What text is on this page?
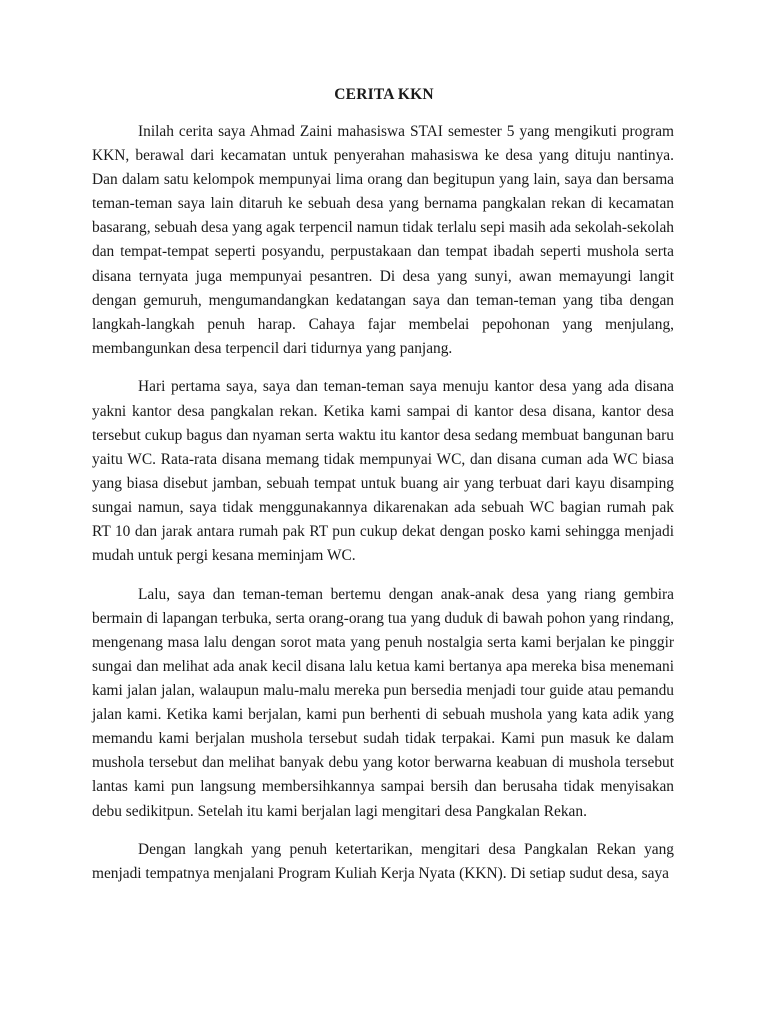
CERITA KKN

Inilah cerita saya Ahmad Zaini mahasiswa STAI semester 5 yang mengikuti program KKN, berawal dari kecamatan untuk penyerahan mahasiswa ke desa yang dituju nantinya. Dan dalam satu kelompok mempunyai lima orang dan begitupun yang lain, saya dan bersama teman-teman saya lain ditaruh ke sebuah desa yang bernama pangkalan rekan di kecamatan basarang, sebuah desa yang agak terpencil namun tidak terlalu sepi masih ada sekolah-sekolah dan tempat-tempat seperti posyandu, perpustakaan dan tempat ibadah seperti mushola serta disana ternyata juga mempunyai pesantren. Di desa yang sunyi, awan memayungi langit dengan gemuruh, mengumandangkan kedatangan saya dan teman-teman yang tiba dengan langkah-langkah penuh harap. Cahaya fajar membelai pepohonan yang menjulang, membangunkan desa terpencil dari tidurnya yang panjang.

Hari pertama saya, saya dan teman-teman saya menuju kantor desa yang ada disana yakni kantor desa pangkalan rekan. Ketika kami sampai di kantor desa disana, kantor desa tersebut cukup bagus dan nyaman serta waktu itu kantor desa sedang membuat bangunan baru yaitu WC. Rata-rata disana memang tidak mempunyai WC, dan disana cuman ada WC biasa yang biasa disebut jamban, sebuah tempat untuk buang air yang terbuat dari kayu disamping sungai namun, saya tidak menggunakannya dikarenakan ada sebuah WC bagian rumah pak RT 10 dan jarak antara rumah pak RT pun cukup dekat dengan posko kami sehingga menjadi mudah untuk pergi kesana meminjam WC.

Lalu, saya dan teman-teman bertemu dengan anak-anak desa yang riang gembira bermain di lapangan terbuka, serta orang-orang tua yang duduk di bawah pohon yang rindang, mengenang masa lalu dengan sorot mata yang penuh nostalgia serta kami berjalan ke pinggir sungai dan melihat ada anak kecil disana lalu ketua kami bertanya apa mereka bisa menemani kami jalan jalan, walaupun malu-malu mereka pun bersedia menjadi tour guide atau pemandu jalan kami. Ketika kami berjalan, kami pun berhenti di sebuah mushola yang kata adik yang memandu kami berjalan mushola tersebut sudah tidak terpakai. Kami pun masuk ke dalam mushola tersebut dan melihat banyak debu yang kotor berwarna keabuan di mushola tersebut lantas kami pun langsung membersihkannya sampai bersih dan berusaha tidak menyisakan debu sedikitpun. Setelah itu kami berjalan lagi mengitari desa Pangkalan Rekan.

Dengan langkah yang penuh ketertarikan, mengitari desa Pangkalan Rekan yang menjadi tempatnya menjalani Program Kuliah Kerja Nyata (KKN). Di setiap sudut desa, saya
